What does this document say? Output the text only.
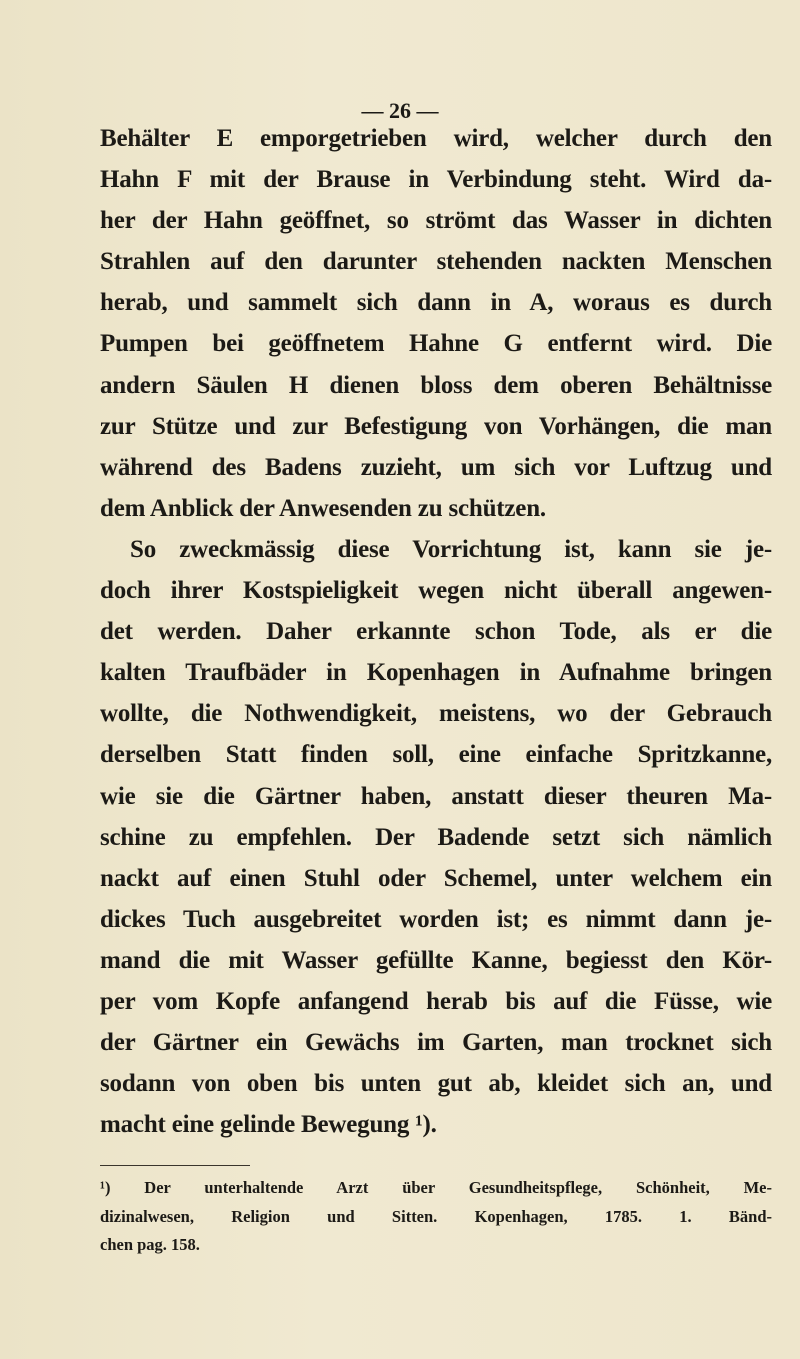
— 26 —
Behälter E emporgetrieben wird, welcher durch den
Hahn F mit der Brause in Verbindung steht. Wird da-
her der Hahn geöffnet, so strömt das Wasser in dichten
Strahlen auf den darunter stehenden nackten Menschen
herab, und sammelt sich dann in A, woraus es durch
Pumpen bei geöffnetem Hahne G entfernt wird. Die
andern Säulen H dienen bloss dem oberen Behältnisse
zur Stütze und zur Befestigung von Vorhängen, die man
während des Badens zuzieht, um sich vor Luftzug und
dem Anblick der Anwesenden zu schützen.
So zweckmässig diese Vorrichtung ist, kann sie je-
doch ihrer Kostspieligkeit wegen nicht überall angewen-
det werden. Daher erkannte schon Tode, als er die
kalten Traufbäder in Kopenhagen in Aufnahme bringen
wollte, die Nothwendigkeit, meistens, wo der Gebrauch
derselben Statt finden soll, eine einfache Spritzkanne,
wie sie die Gärtner haben, anstatt dieser theuren Ma-
schine zu empfehlen. Der Badende setzt sich nämlich
nackt auf einen Stuhl oder Schemel, unter welchem ein
dickes Tuch ausgebreitet worden ist; es nimmt dann je-
mand die mit Wasser gefüllte Kanne, begiesst den Kör-
per vom Kopfe anfangend herab bis auf die Füsse, wie
der Gärtner ein Gewächs im Garten, man trocknet sich
sodann von oben bis unten gut ab, kleidet sich an, und
macht eine gelinde Bewegung ¹).
¹) Der unterhaltende Arzt über Gesundheitspflege, Schönheit, Me-
dizinalwesen, Religion und Sitten. Kopenhagen, 1785. 1. Bänd-
chen pag. 158.
